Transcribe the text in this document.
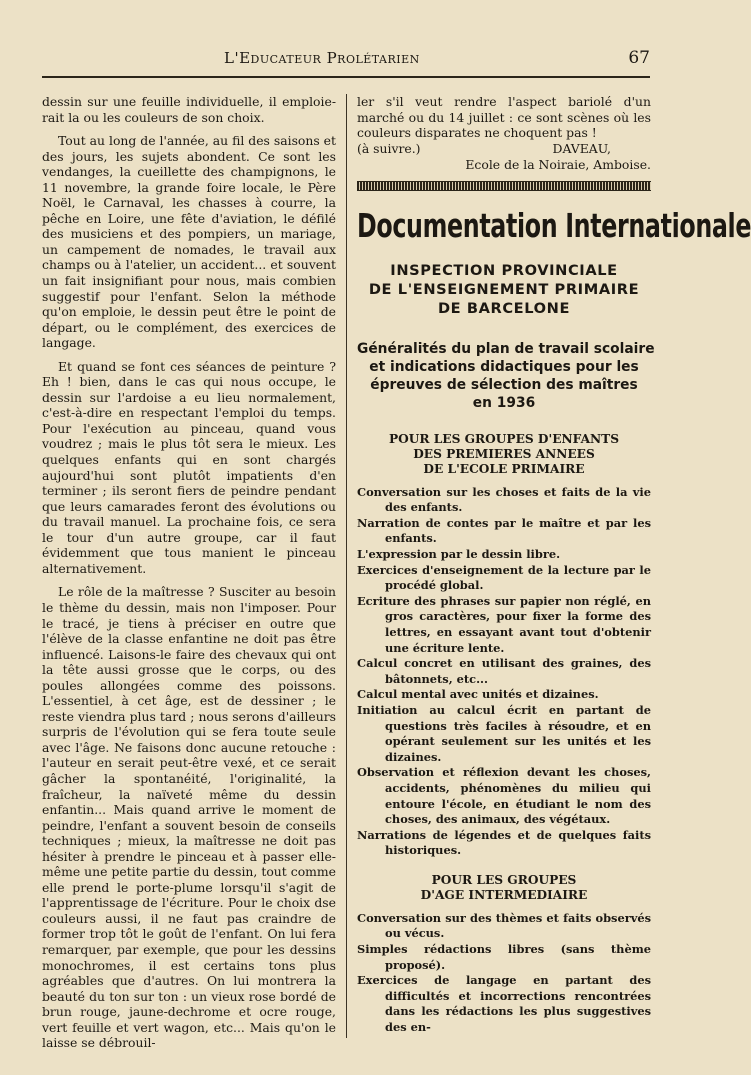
L'Educateur Prolétarien	67

dessin sur une feuille individuelle, il emploierait la ou les couleurs de son choix.

Tout au long de l'année, au fil des saisons et des jours, les sujets abondent. Ce sont les vendanges, la cueillette des champignons, le 11 novembre, la grande foire locale, le Père Noël, le Carnaval, les chasses à courre, la pêche en Loire, une fête d'aviation, le défilé des musiciens et des pompiers, un mariage, un campement de nomades, le travail aux champs ou à l'atelier, un accident... et souvent un fait insignifiant pour nous, mais combien suggestif pour l'enfant. Selon la méthode qu'on emploie, le dessin peut être le point de départ, ou le complément, des exercices de langage.

Et quand se font ces séances de peinture ? Eh ! bien, dans le cas qui nous occupe, le dessin sur l'ardoise a eu lieu normalement, c'est-à-dire en respectant l'emploi du temps. Pour l'exécution au pinceau, quand vous voudrez ; mais le plus tôt sera le mieux. Les quelques enfants qui en sont chargés aujourd'hui sont plutôt impatients d'en terminer ; ils seront fiers de peindre pendant que leurs camarades feront des évolutions ou du travail manuel. La prochaine fois, ce sera le tour d'un autre groupe, car il faut évidemment que tous manient le pinceau alternativement.

Le rôle de la maîtresse ? Susciter au besoin le thème du dessin, mais non l'imposer. Pour le tracé, je tiens à préciser en outre que l'élève de la classe enfantine ne doit pas être influencé. Laisons-le faire des chevaux qui ont la tête aussi grosse que le corps, ou des poules allongées comme des poissons. L'essentiel, à cet âge, est de dessiner ; le reste viendra plus tard ; nous serons d'ailleurs surpris de l'évolution qui se fera toute seule avec l'âge. Ne faisons donc aucune retouche : l'auteur en serait peut-être vexé, et ce serait gâcher la spontanéité, l'originalité, la fraîcheur, la naïveté même du dessin enfantin... Mais quand arrive le moment de peindre, l'enfant a souvent besoin de conseils techniques ; mieux, la maîtresse ne doit pas hésiter à prendre le pinceau et à passer elle-même une petite partie du dessin, tout comme elle prend le porte-plume lorsqu'il s'agit de l'apprentissage de l'écriture. Pour le choix dse couleurs aussi, il ne faut pas craindre de former trop tôt le goût de l'enfant. On lui fera remarquer, par exemple, que pour les dessins monochromes, il est certains tons plus agréables que d'autres. On lui montrera la beauté du ton sur ton : un vieux rose bordé de brun rouge, jaune-dechrome et ocre rouge, vert feuille et vert wagon, etc... Mais qu'on le laisse se débrouil-

ler s'il veut rendre l'aspect bariolé d'un marché ou du 14 juillet : ce sont scènes où les couleurs disparates ne choquent pas !

(à suivre.)	DAVEAU,
Ecole de la Noiraie, Amboise.
Documentation Internationale
INSPECTION PROVINCIALE
DE L'ENSEIGNEMENT PRIMAIRE
DE BARCELONE
Généralités du plan de travail scolaire
et indications didactiques pour les
épreuves de sélection des maîtres
en 1936
POUR LES GROUPES D'ENFANTS
DES PREMIERES ANNEES
DE L'ECOLE PRIMAIRE

Conversation sur les choses et faits de la vie des enfants.

Narration de contes par le maître et par les enfants.

L'expression par le dessin libre.

Exercices d'enseignement de la lecture par le procédé global.

Ecriture des phrases sur papier non réglé, en gros caractères, pour fixer la forme des lettres, en essayant avant tout d'obtenir une écriture lente.

Calcul concret en utilisant des graines, des bâtonnets, etc...

Calcul mental avec unités et dizaines.

Initiation au calcul écrit en partant de questions très faciles à résoudre, et en opérant seulement sur les unités et les dizaines.

Observation et réflexion devant les choses, accidents, phénomènes du milieu qui entoure l'école, en étudiant le nom des choses, des animaux, des végétaux.

Narrations de légendes et de quelques faits historiques.

POUR LES GROUPES
D'AGE INTERMEDIAIRE

Conversation sur des thèmes et faits observés ou vécus.

Simples rédactions libres (sans thème proposé).

Exercices de langage en partant des difficultés et incorrections rencontrées dans les rédactions les plus suggestives des en-
